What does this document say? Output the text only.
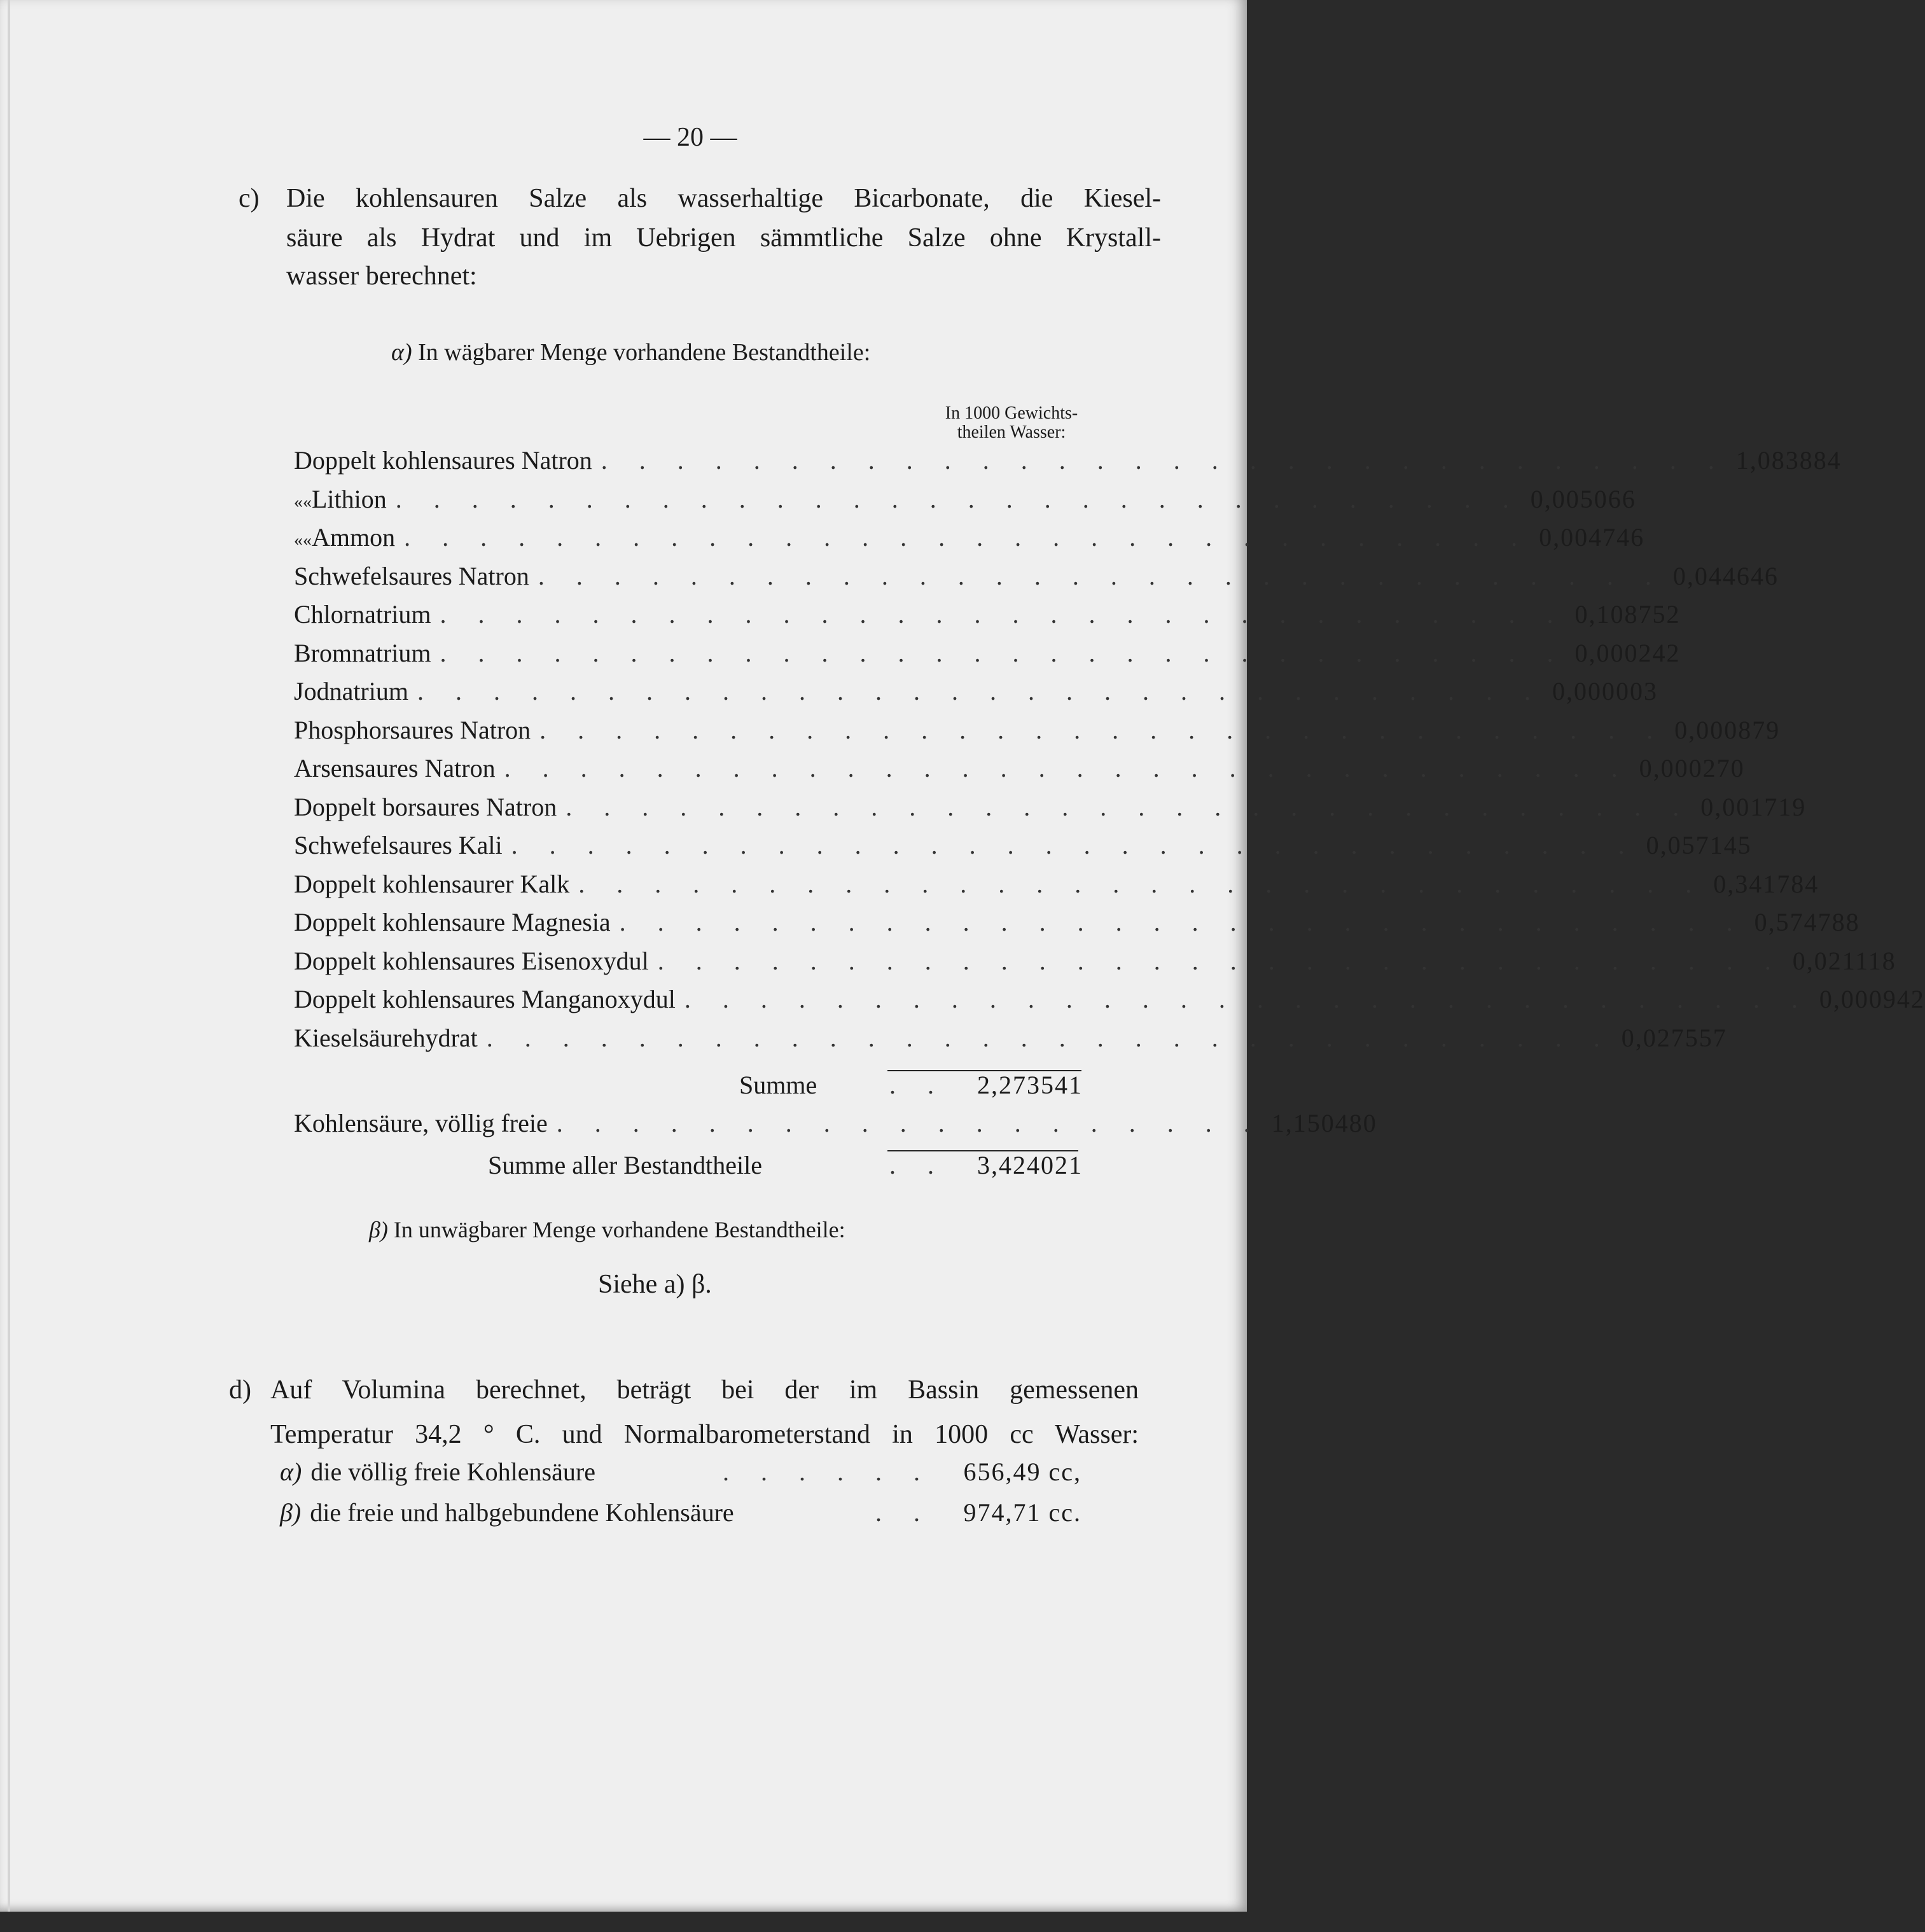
— 20 —
c) Die kohlensauren Salze als wasserhaltige Bicarbonate, die Kiesel-
säure als Hydrat und im Uebrigen sämmtliche Salze ohne Krystall-
wasser berechnet:
α) In wägbarer Menge vorhandene Bestandtheile:
In 1000 Gewichts-
theilen Wasser:
Doppelt kohlensaures Natron . . . . . . . . . . . . . . . . . . . . . . . . . . . . . . 1,083884
« « Lithion . . . . . . . . . . . . . . . . . . . . . . . . . . . . . . 0,005066
« « Ammon . . . . . . . . . . . . . . . . . . . . . . . . . . . . . . 0,004746
Schwefelsaures Natron . . . . . . . . . . . . . . . . . . . . . . . . . . . . . . 0,044646
Chlornatrium . . . . . . . . . . . . . . . . . . . . . . . . . . . . . . 0,108752
Bromnatrium . . . . . . . . . . . . . . . . . . . . . . . . . . . . . . 0,000242
Jodnatrium . . . . . . . . . . . . . . . . . . . . . . . . . . . . . . 0,000003
Phosphorsaures Natron . . . . . . . . . . . . . . . . . . . . . . . . . . . . . . 0,000879
Arsensaures Natron . . . . . . . . . . . . . . . . . . . . . . . . . . . . . . 0,000270
Doppelt borsaures Natron . . . . . . . . . . . . . . . . . . . . . . . . . . . . . . 0,001719
Schwefelsaures Kali . . . . . . . . . . . . . . . . . . . . . . . . . . . . . . 0,057145
Doppelt kohlensaurer Kalk . . . . . . . . . . . . . . . . . . . . . . . . . . . . . . 0,341784
Doppelt kohlensaure Magnesia . . . . . . . . . . . . . . . . . . . . . . . . . . . . . . 0,574788
Doppelt kohlensaures Eisenoxydul . . . . . . . . . . . . . . . . . . . . . . . . . . . . . . 0,021118
Doppelt kohlensaures Manganoxydul . . . . . . . . . . . . . . . . . . . . . . . . . . . . . . 0,000942
Kieselsäurehydrat . . . . . . . . . . . . . . . . . . . . . . . . . . . . . . 0,027557
Summe	. .	2,273541
Kohlensäure, völlig freie . . . . . . . . . . . . . . . . . . . 1,150480
Summe aller Bestandtheile	. .	3,424021
β) In unwägbarer Menge vorhandene Bestandtheile:
Siehe a) β.
d) Auf Volumina berechnet, beträgt bei der im Bassin gemessenen
Temperatur 34,2 ° C. und Normalbarometerstand in 1000 cc Wasser:
α) die völlig freie Kohlensäure	. . . . . .	656,49 cc,
β) die freie und halbgebundene Kohlensäure	. .	974,71 cc.
